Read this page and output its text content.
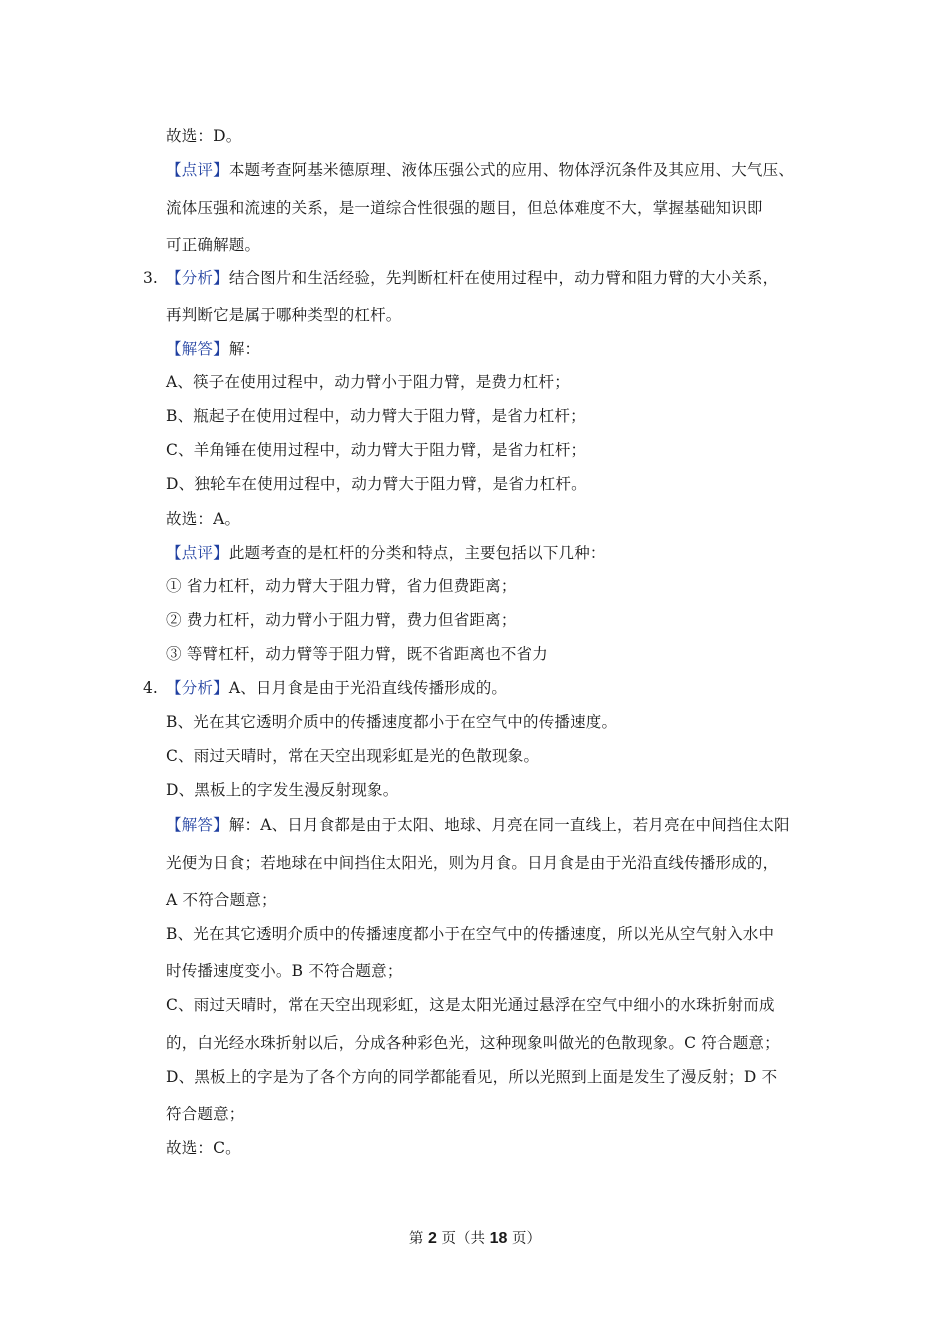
故选：D。
【点评】本题考查阿基米德原理、液体压强公式的应用、物体浮沉条件及其应用、大气压、
流体压强和流速的关系，是一道综合性很强的题目，但总体难度不大，掌握基础知识即
可正确解题。
3. 【分析】结合图片和生活经验，先判断杠杆在使用过程中，动力臂和阻力臂的大小关系，
再判断它是属于哪种类型的杠杆。
【解答】解：
A、筷子在使用过程中，动力臂小于阻力臂，是费力杠杆；
B、瓶起子在使用过程中，动力臂大于阻力臂，是省力杠杆；
C、羊角锤在使用过程中，动力臂大于阻力臂，是省力杠杆；
D、独轮车在使用过程中，动力臂大于阻力臂，是省力杠杆。
故选：A。
【点评】此题考查的是杠杆的分类和特点，主要包括以下几种：
① 省力杠杆，动力臂大于阻力臂，省力但费距离；
② 费力杠杆，动力臂小于阻力臂，费力但省距离；
③ 等臂杠杆，动力臂等于阻力臂，既不省距离也不省力
4. 【分析】A、日月食是由于光沿直线传播形成的。
B、光在其它透明介质中的传播速度都小于在空气中的传播速度。
C、雨过天晴时，常在天空出现彩虹是光的色散现象。
D、黑板上的字发生漫反射现象。
【解答】解：A、日月食都是由于太阳、地球、月亮在同一直线上，若月亮在中间挡住太阳
光便为日食；若地球在中间挡住太阳光，则为月食。日月食是由于光沿直线传播形成的，
A 不符合题意；
B、光在其它透明介质中的传播速度都小于在空气中的传播速度，所以光从空气射入水中
时传播速度变小。B 不符合题意；
C、雨过天晴时，常在天空出现彩虹，这是太阳光通过悬浮在空气中细小的水珠折射而成
的，白光经水珠折射以后，分成各种彩色光，这种现象叫做光的色散现象。C 符合题意；
D、黑板上的字是为了各个方向的同学都能看见，所以光照到上面是发生了漫反射；D 不
符合题意；
故选：C。
第 2 页（共 18 页）
